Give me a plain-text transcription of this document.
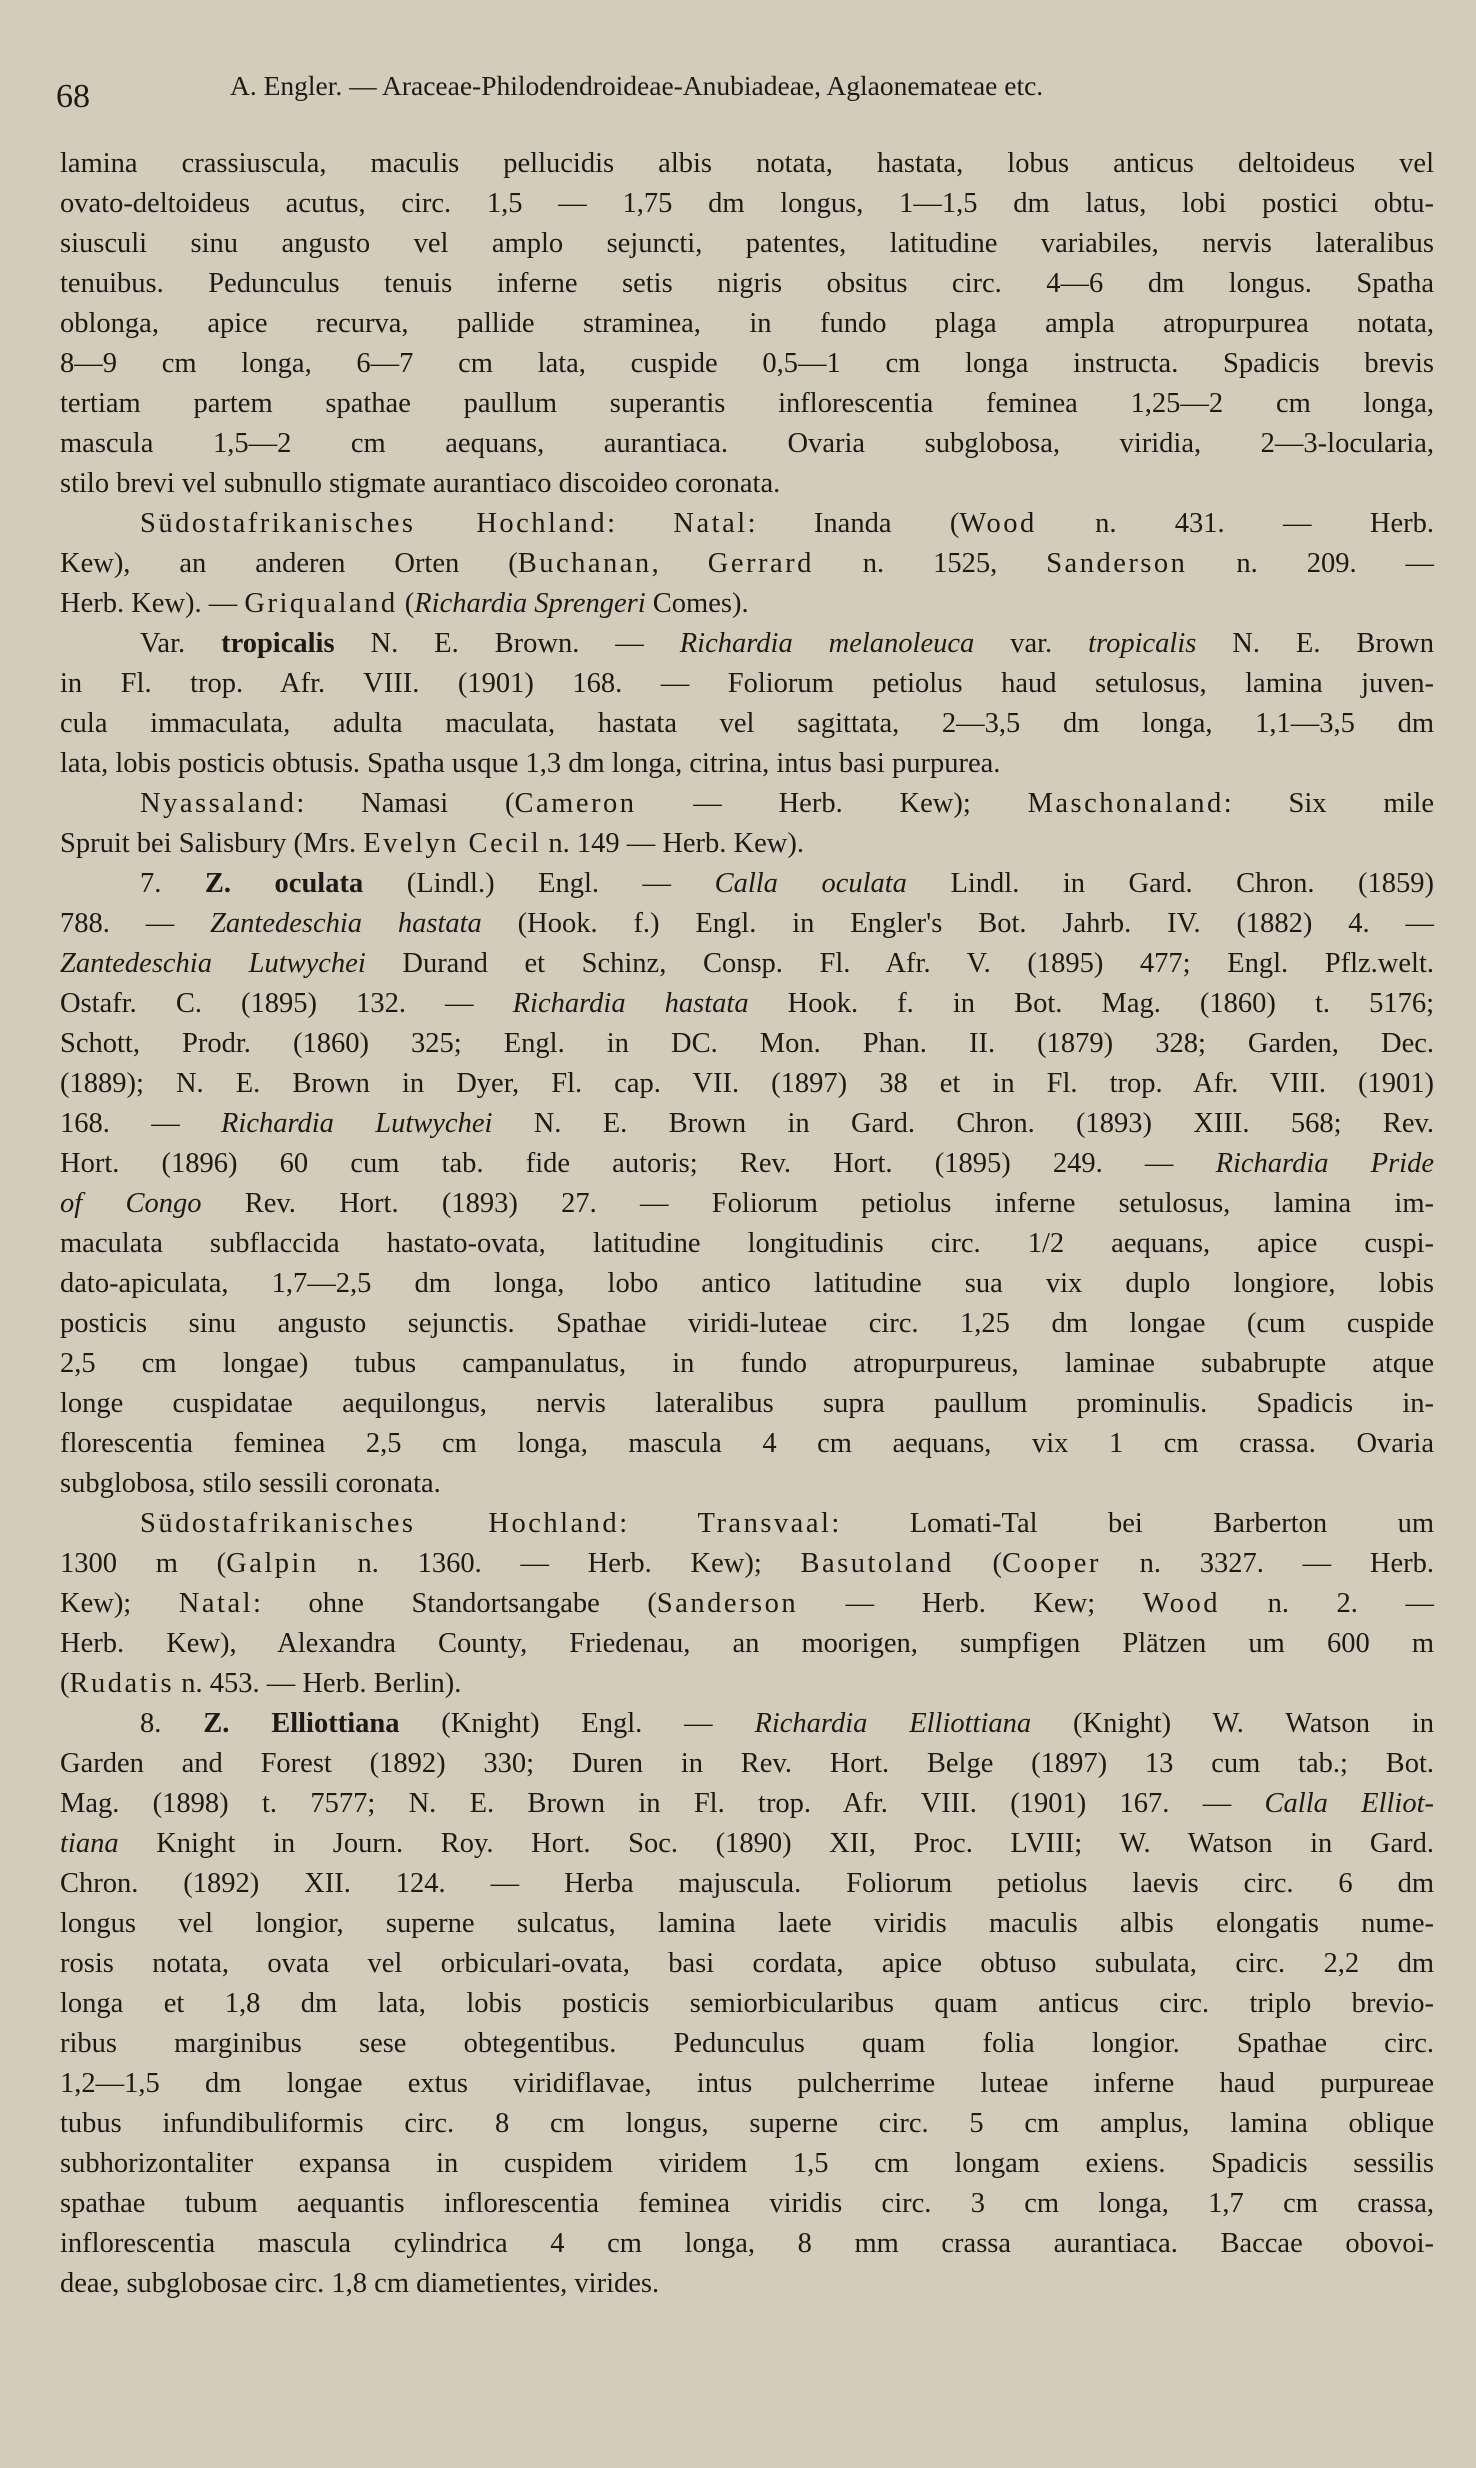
68	A. Engler. — Araceae-Philodendroideae-Anubiadeae, Aglaonemateae etc.
lamina crassiuscula, maculis pellucidis albis notata, hastata, lobus anticus deltoideus vel
ovato-deltoideus acutus, circ. 1,5 — 1,75 dm longus, 1—1,5 dm latus, lobi postici obtu-
siusculi sinu angusto vel amplo sejuncti, patentes, latitudine variabiles, nervis lateralibus
tenuibus. Pedunculus tenuis inferne setis nigris obsitus circ. 4—6 dm longus. Spatha
oblonga, apice recurva, pallide straminea, in fundo plaga ampla atropurpurea notata,
8—9 cm longa, 6—7 cm lata, cuspide 0,5—1 cm longa instructa. Spadicis brevis
tertiam partem spathae paullum superantis inflorescentia feminea 1,25—2 cm longa,
mascula 1,5—2 cm aequans, aurantiaca. Ovaria subglobosa, viridia, 2—3-locularia,
stilo brevi vel subnullo stigmate aurantiaco discoideo coronata.
Südostafrikanisches Hochland: Natal: Inanda (Wood n. 431. — Herb.
Kew), an anderen Orten (Buchanan, Gerrard n. 1525, Sanderson n. 209. —
Herb. Kew). — Griqualand (Richardia Sprengeri Comes).
Var. tropicalis N. E. Brown. — Richardia melanoleuca var. tropicalis N. E. Brown
in Fl. trop. Afr. VIII. (1901) 168. — Foliorum petiolus haud setulosus, lamina juven-
cula immaculata, adulta maculata, hastata vel sagittata, 2—3,5 dm longa, 1,1—3,5 dm
lata, lobis posticis obtusis. Spatha usque 1,3 dm longa, citrina, intus basi purpurea.
Nyassaland: Namasi (Cameron — Herb. Kew); Maschonaland: Six mile
Spruit bei Salisbury (Mrs. Evelyn Cecil n. 149 — Herb. Kew).
7. Z. oculata (Lindl.) Engl. — Calla oculata Lindl. in Gard. Chron. (1859)
788. — Zantedeschia hastata (Hook. f.) Engl. in Engler's Bot. Jahrb. IV. (1882) 4. —
Zantedeschia Lutwychei Durand et Schinz, Consp. Fl. Afr. V. (1895) 477; Engl. Pflz.welt.
Ostafr. C. (1895) 132. — Richardia hastata Hook. f. in Bot. Mag. (1860) t. 5176;
Schott, Prodr. (1860) 325; Engl. in DC. Mon. Phan. II. (1879) 328; Garden, Dec.
(1889); N. E. Brown in Dyer, Fl. cap. VII. (1897) 38 et in Fl. trop. Afr. VIII. (1901)
168. — Richardia Lutwychei N. E. Brown in Gard. Chron. (1893) XIII. 568; Rev.
Hort. (1896) 60 cum tab. fide autoris; Rev. Hort. (1895) 249. — Richardia Pride
of Congo Rev. Hort. (1893) 27. — Foliorum petiolus inferne setulosus, lamina im-
maculata subflaccida hastato-ovata, latitudine longitudinis circ. 1/2 aequans, apice cuspi-
dato-apiculata, 1,7—2,5 dm longa, lobo antico latitudine sua vix duplo longiore, lobis
posticis sinu angusto sejunctis. Spathae viridi-luteae circ. 1,25 dm longae (cum cuspide
2,5 cm longae) tubus campanulatus, in fundo atropurpureus, laminae subabrupte atque
longe cuspidatae aequilongus, nervis lateralibus supra paullum prominulis. Spadicis in-
florescentia feminea 2,5 cm longa, mascula 4 cm aequans, vix 1 cm crassa. Ovaria
subglobosa, stilo sessili coronata.
Südostafrikanisches Hochland: Transvaal: Lomati-Tal bei Barberton um
1300 m (Galpin n. 1360. — Herb. Kew); Basutoland (Cooper n. 3327. — Herb.
Kew); Natal: ohne Standortsangabe (Sanderson — Herb. Kew; Wood n. 2. —
Herb. Kew), Alexandra County, Friedenau, an moorigen, sumpfigen Plätzen um 600 m
(Rudatis n. 453. — Herb. Berlin).
8. Z. Elliottiana (Knight) Engl. — Richardia Elliottiana (Knight) W. Watson in
Garden and Forest (1892) 330; Duren in Rev. Hort. Belge (1897) 13 cum tab.; Bot.
Mag. (1898) t. 7577; N. E. Brown in Fl. trop. Afr. VIII. (1901) 167. — Calla Elliot-
tiana Knight in Journ. Roy. Hort. Soc. (1890) XII, Proc. LVIII; W. Watson in Gard.
Chron. (1892) XII. 124. — Herba majuscula. Foliorum petiolus laevis circ. 6 dm
longus vel longior, superne sulcatus, lamina laete viridis maculis albis elongatis nume-
rosis notata, ovata vel orbiculari-ovata, basi cordata, apice obtuso subulata, circ. 2,2 dm
longa et 1,8 dm lata, lobis posticis semiorbicularibus quam anticus circ. triplo brevio-
ribus marginibus sese obtegentibus. Pedunculus quam folia longior. Spathae circ.
1,2—1,5 dm longae extus viridiflavae, intus pulcherrime luteae inferne haud purpureae
tubus infundibuliformis circ. 8 cm longus, superne circ. 5 cm amplus, lamina oblique
subhorizontaliter expansa in cuspidem viridem 1,5 cm longam exiens. Spadicis sessilis
spathae tubum aequantis inflorescentia feminea viridis circ. 3 cm longa, 1,7 cm crassa,
inflorescentia mascula cylindrica 4 cm longa, 8 mm crassa aurantiaca. Baccae obovoi-
deae, subglobosae circ. 1,8 cm diametientes, virides.
